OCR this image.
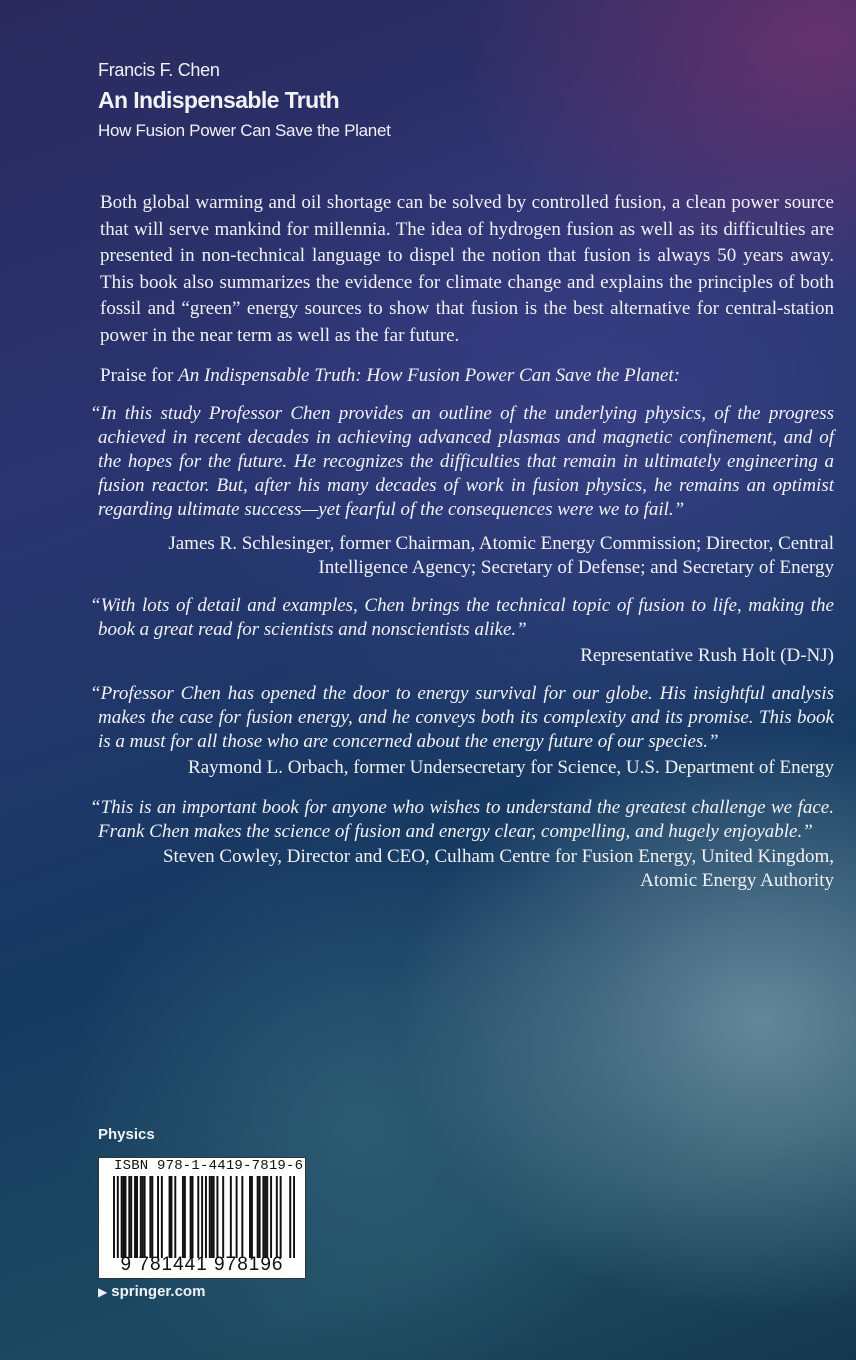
Francis F. Chen
An Indispensable Truth
How Fusion Power Can Save the Planet

Both global warming and oil shortage can be solved by controlled fusion, a clean power source that will serve mankind for millennia. The idea of hydrogen fusion as well as its difficulties are presented in non-technical language to dispel the notion that fusion is always 50 years away. This book also summarizes the evidence for climate change and explains the principles of both fossil and “green” energy sources to show that fusion is the best alternative for central-station power in the near term as well as the far future.

Praise for An Indispensable Truth: How Fusion Power Can Save the Planet:

“In this study Professor Chen provides an outline of the underlying physics, of the progress achieved in recent decades in achieving advanced plasmas and magnetic confinement, and of the hopes for the future. He recognizes the difficulties that remain in ultimately engineering a fusion reactor. But, after his many decades of work in fusion physics, he remains an optimist regarding ultimate success—yet fearful of the consequences were we to fail.”

James R. Schlesinger, former Chairman, Atomic Energy Commission; Director, Central Intelligence Agency; Secretary of Defense; and Secretary of Energy

“With lots of detail and examples, Chen brings the technical topic of fusion to life, making the book a great read for scientists and nonscientists alike.”

Representative Rush Holt (D-NJ)

“Professor Chen has opened the door to energy survival for our globe. His insightful analysis makes the case for fusion energy, and he conveys both its complexity and its promise. This book is a must for all those who are concerned about the energy future of our species.”

Raymond L. Orbach, former Undersecretary for Science, U.S. Department of Energy

“This is an important book for anyone who wishes to understand the greatest challenge we face. Frank Chen makes the science of fusion and energy clear, compelling, and hugely enjoyable.”

Steven Cowley, Director and CEO, Culham Centre for Fusion Energy, United Kingdom, Atomic Energy Authority

Physics
ISBN 978-1-4419-7819-6
9 781441 978196
▶ springer.com
